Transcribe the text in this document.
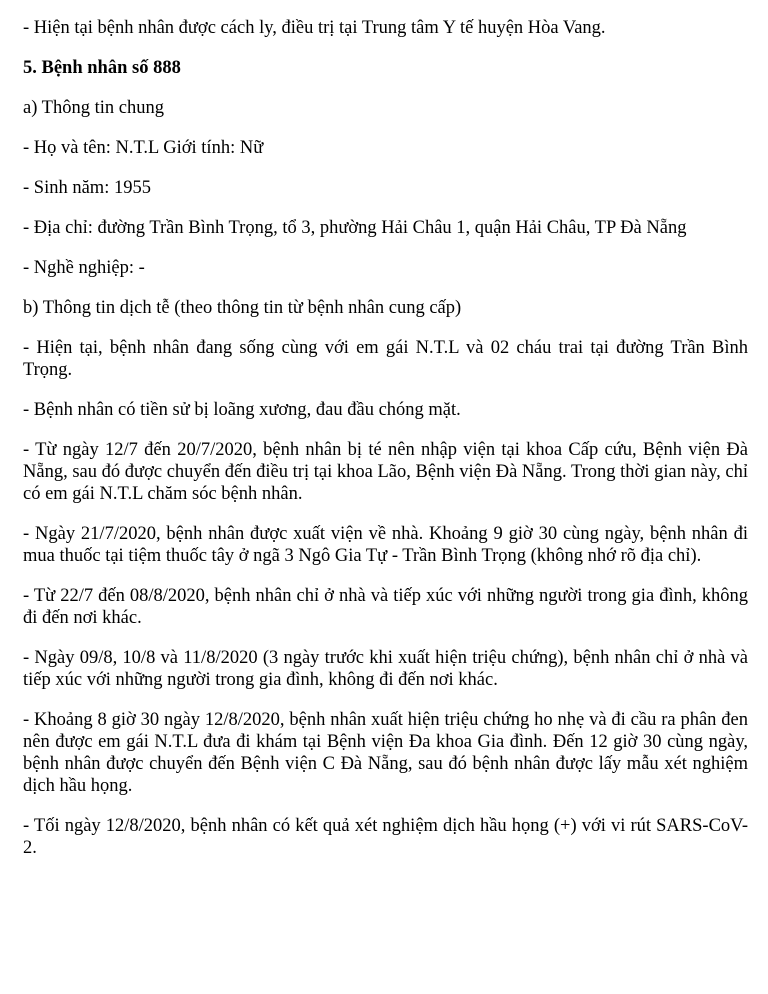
- Hiện tại bệnh nhân được cách ly, điều trị tại Trung tâm Y tế huyện Hòa Vang.

5. Bệnh nhân số 888

a) Thông tin chung

- Họ và tên: N.T.L Giới tính: Nữ

- Sinh năm: 1955

- Địa chỉ: đường Trần Bình Trọng, tổ 3, phường Hải Châu 1, quận Hải Châu, TP Đà Nẵng

- Nghề nghiệp: -

b) Thông tin dịch tễ (theo thông tin từ bệnh nhân cung cấp)

- Hiện tại, bệnh nhân đang sống cùng với em gái N.T.L và 02 cháu trai tại đường Trần Bình Trọng.

- Bệnh nhân có tiền sử bị loãng xương, đau đầu chóng mặt.

- Từ ngày 12/7 đến 20/7/2020, bệnh nhân bị té nên nhập viện tại khoa Cấp cứu, Bệnh viện Đà Nẵng, sau đó được chuyển đến điều trị tại khoa Lão, Bệnh viện Đà Nẵng. Trong thời gian này, chỉ có em gái N.T.L chăm sóc bệnh nhân.

- Ngày 21/7/2020, bệnh nhân được xuất viện về nhà. Khoảng 9 giờ 30 cùng ngày, bệnh nhân đi mua thuốc tại tiệm thuốc tây ở ngã 3 Ngô Gia Tự - Trần Bình Trọng (không nhớ rõ địa chỉ).

- Từ 22/7 đến 08/8/2020, bệnh nhân chỉ ở nhà và tiếp xúc với những người trong gia đình, không đi đến nơi khác.

- Ngày 09/8, 10/8 và 11/8/2020 (3 ngày trước khi xuất hiện triệu chứng), bệnh nhân chỉ ở nhà và tiếp xúc với những người trong gia đình, không đi đến nơi khác.

- Khoảng 8 giờ 30 ngày 12/8/2020, bệnh nhân xuất hiện triệu chứng ho nhẹ và đi cầu ra phân đen nên được em gái N.T.L đưa đi khám tại Bệnh viện Đa khoa Gia đình. Đến 12 giờ 30 cùng ngày, bệnh nhân được chuyển đến Bệnh viện C Đà Nẵng, sau đó bệnh nhân được lấy mẫu xét nghiệm dịch hầu họng.

- Tối ngày 12/8/2020, bệnh nhân có kết quả xét nghiệm dịch hầu họng (+) với vi rút SARS-CoV-2.
